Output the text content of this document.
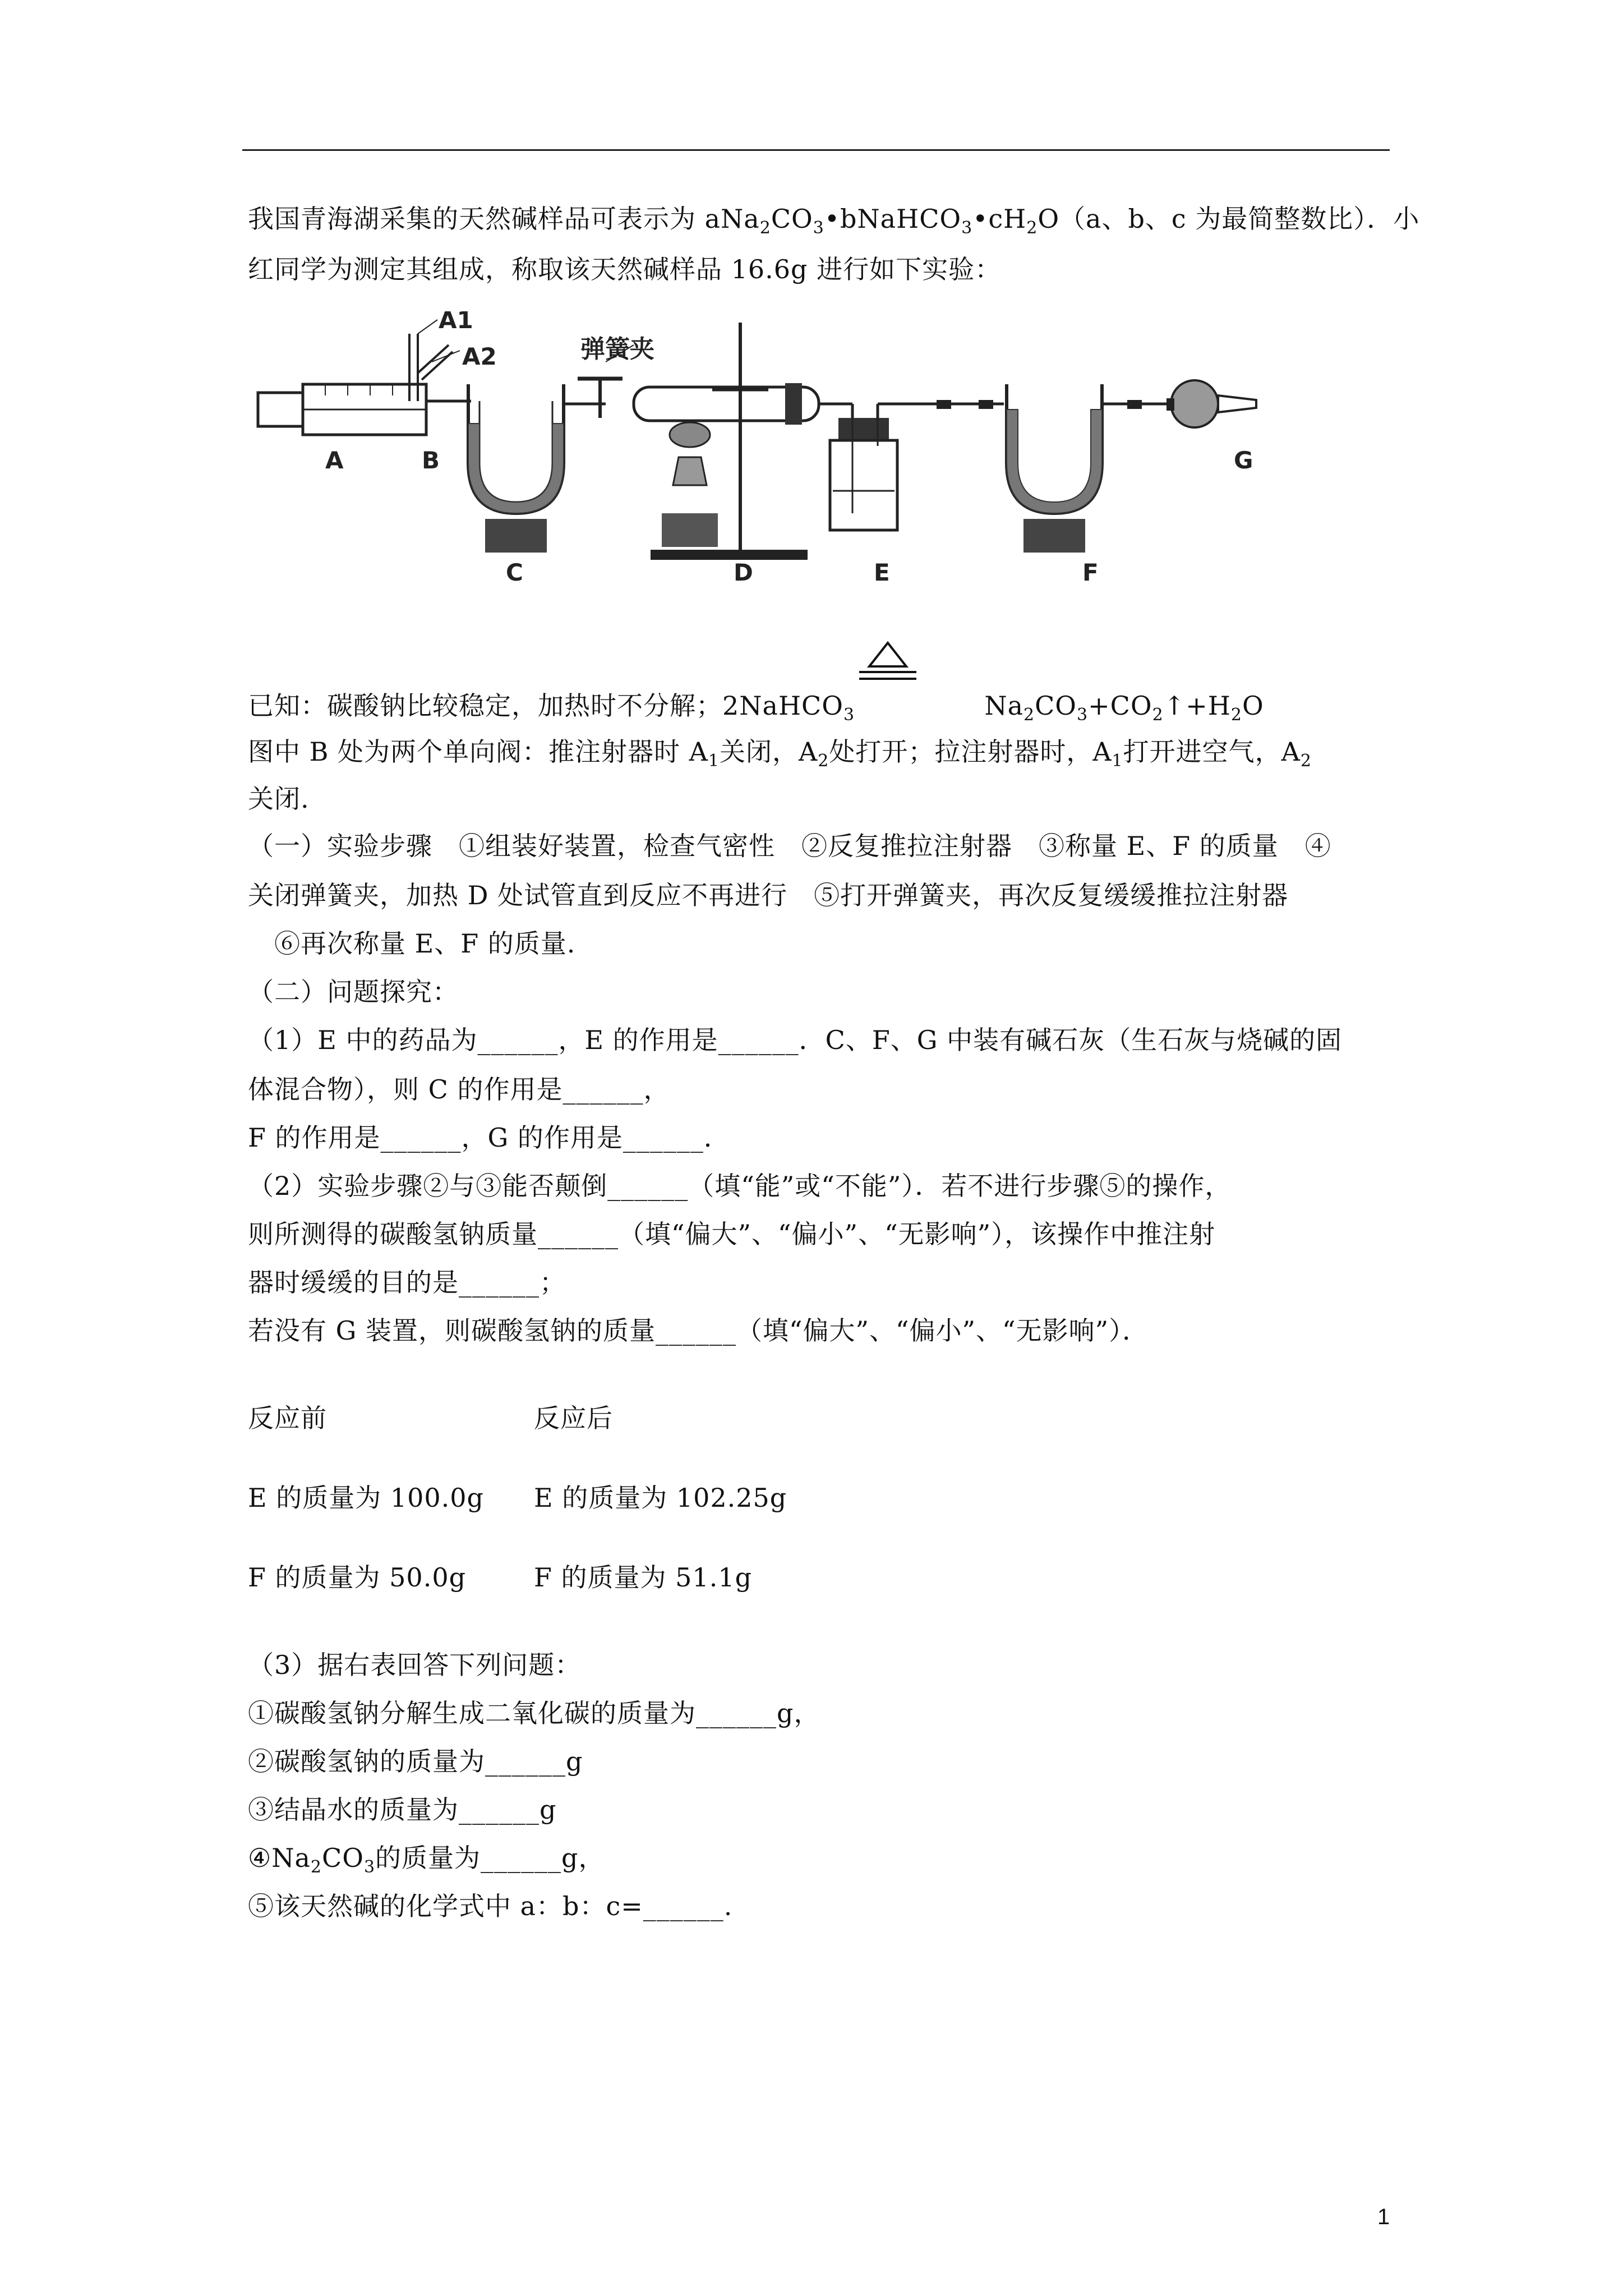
我国青海湖采集的天然碱样品可表示为 $aNa_2CO_3•bNaHCO_3•cH_2O(a$、b、c 为最简整数比）．小
红同学为测定其组成，称取该天然碱样品 16.6g 进行如下实验：
A	B
C	D	E	F
G
A1
A2	弹簧夹
已知：碳酸钠比较稳定，加热时不分解；2NaHCO$_3$	$Na_2CO_3+CO_2↑+H_2O$
图中 B 处为两个单向阀：推注射器时 $A_1$关闭，$A_2$处打开；拉注射器时，$A_1$打开进空气，$A_2$
关闭.
（一）实验步骤　①组装好装置，检查气密性　②反复推拉注射器　③称量 E、F 的质量　④
关闭弹簧夹，加热 D 处试管直到反应不再进行　⑤打开弹簧夹，再次反复缓缓推拉注射器
　⑥再次称量 E、F 的质量.
（二）问题探究：
（1）E 中的药品为______，E 的作用是______．C、F、G 中装有碱石灰（生石灰与烧碱的固
体混合物），则 C 的作用是______，
F 的作用是______，G 的作用是______．
（2）实验步骤②与③能否颠倒______（填“能”或“不能”）．若不进行步骤⑤的操作，
则所测得的碳酸氢钠质量______（填“偏大”、“偏小”、“无影响”），该操作中推注射
器时缓缓的目的是______；
若没有 G 装置，则碳酸氢钠的质量______（填“偏大”、“偏小”、“无影响”）．
反应前	反应后
E 的质量为 100.0g E 的质量为 102.25g
F 的质量为 50.0g	F 的质量为 51.1g
（3）据右表回答下列问题：
①碳酸氢钠分解生成二氧化碳的质量为______g，
②碳酸氢钠的质量为______g
③结晶水的质量为______g
$④Na_2CO_3$的质量为______g，
⑤该天然碱的化学式中 a：b：c=______.
1
